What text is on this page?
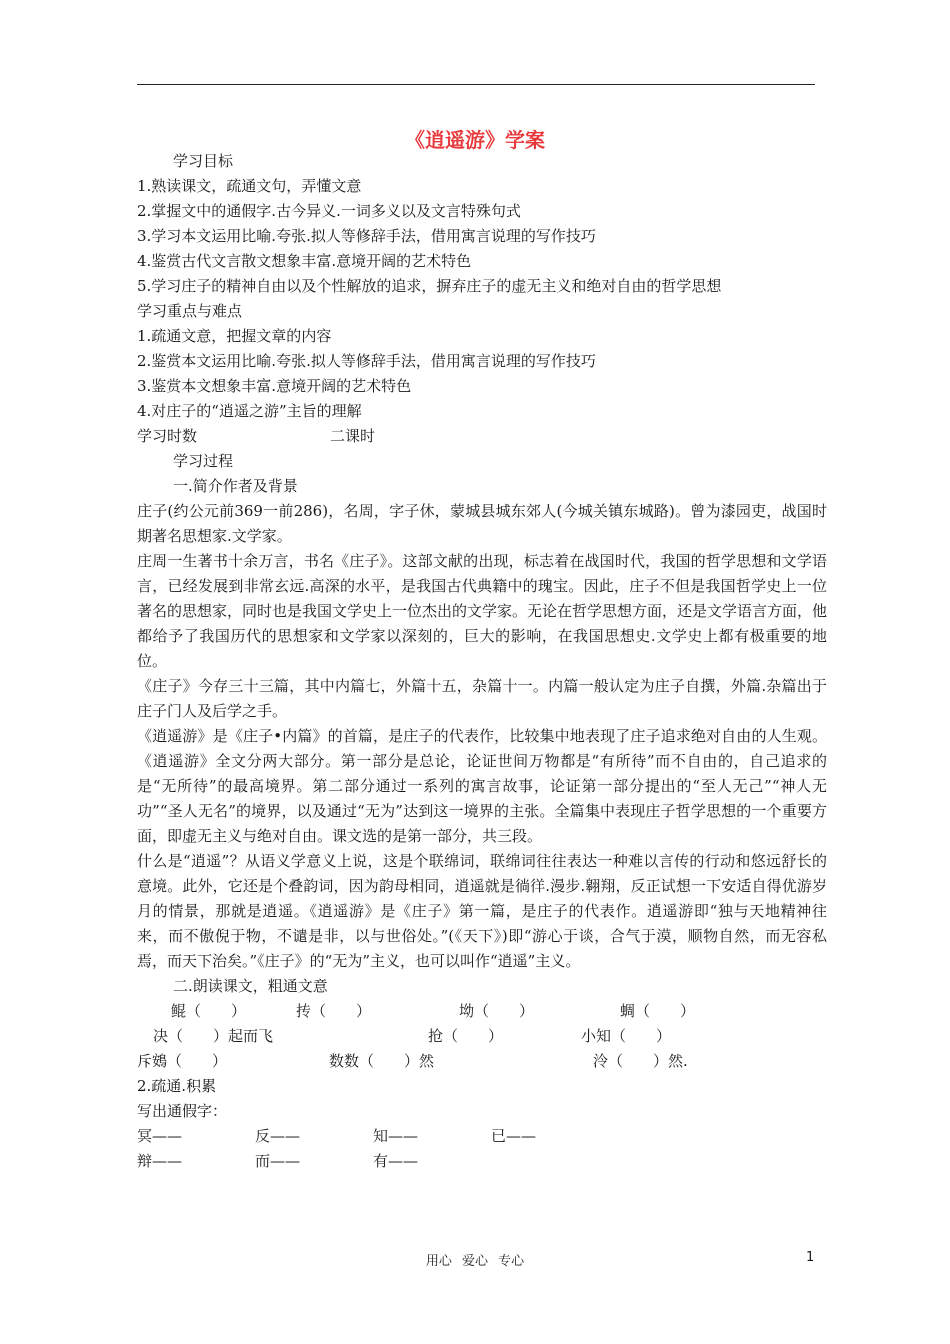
《逍遥游》学案
学习目标
1.熟读课文，疏通文句，弄懂文意
2.掌握文中的通假字.古今异义.一词多义以及文言特殊句式
3.学习本文运用比喻.夸张.拟人等修辞手法，借用寓言说理的写作技巧
4.鉴赏古代文言散文想象丰富.意境开阔的艺术特色
5.学习庄子的精神自由以及个性解放的追求，摒弃庄子的虚无主义和绝对自由的哲学思想
学习重点与难点
1.疏通文意，把握文章的内容
2.鉴赏本文运用比喻.夸张.拟人等修辞手法，借用寓言说理的写作技巧
3.鉴赏本文想象丰富.意境开阔的艺术特色
4.对庄子的“逍遥之游”主旨的理解
学习时数	二课时
学习过程
一.简介作者及背景
庄子(约公元前369一前286)，名周，字子休，蒙城县城东郊人(今城关镇东城路)。曾为漆园吏，战国时期著名思想家.文学家。
庄周一生著书十余万言，书名《庄子》。这部文献的出现，标志着在战国时代，我国的哲学思想和文学语言，已经发展到非常玄远.高深的水平，是我国古代典籍中的瑰宝。因此，庄子不但是我国哲学史上一位著名的思想家，同时也是我国文学史上一位杰出的文学家。无论在哲学思想方面，还是文学语言方面，他都给予了我国历代的思想家和文学家以深刻的，巨大的影响，在我国思想史.文学史上都有极重要的地位。
《庄子》今存三十三篇，其中内篇七，外篇十五，杂篇十一。内篇一般认定为庄子自撰，外篇.杂篇出于庄子门人及后学之手。
《逍遥游》是《庄子•内篇》的首篇，是庄子的代表作，比较集中地表现了庄子追求绝对自由的人生观。《逍遥游》全文分两大部分。第一部分是总论，论证世间万物都是“有所待”而不自由的，自己追求的是“无所待”的最高境界。第二部分通过一系列的寓言故事，论证第一部分提出的“至人无己”“神人无功”“圣人无名”的境界，以及通过“无为”达到这一境界的主张。全篇集中表现庄子哲学思想的一个重要方面，即虚无主义与绝对自由。课文选的是第一部分，共三段。
什么是“逍遥”？从语义学意义上说，这是个联绵词，联绵词往往表达一种难以言传的行动和悠远舒长的意境。此外，它还是个叠韵词，因为韵母相同，逍遥就是徜徉.漫步.翱翔，反正试想一下安适自得优游岁月的情景，那就是逍遥。《逍遥游》是《庄子》第一篇，是庄子的代表作。逍遥游即“独与天地精神往来，而不傲倪于物，不谴是非，以与世俗处。”(《天下》)即“游心于谈，合气于漠，顺物自然，而无容私焉，而天下治矣。”《庄子》的“无为”主义，也可以叫作“逍遥”主义。
二.朗读课文，粗通文意
鲲（　　）	抟（　　）	坳（　　）	蜩（　　）
决（　　）起而飞	抢（　　）	小知（　　）
斥鴳（　　）	数数（　　）然	泠（　　）然.
2.疏通.积累
写出通假字：
冥——	反——	知——	已——
辩——	而——	有——
用心 爱心 专心	1
